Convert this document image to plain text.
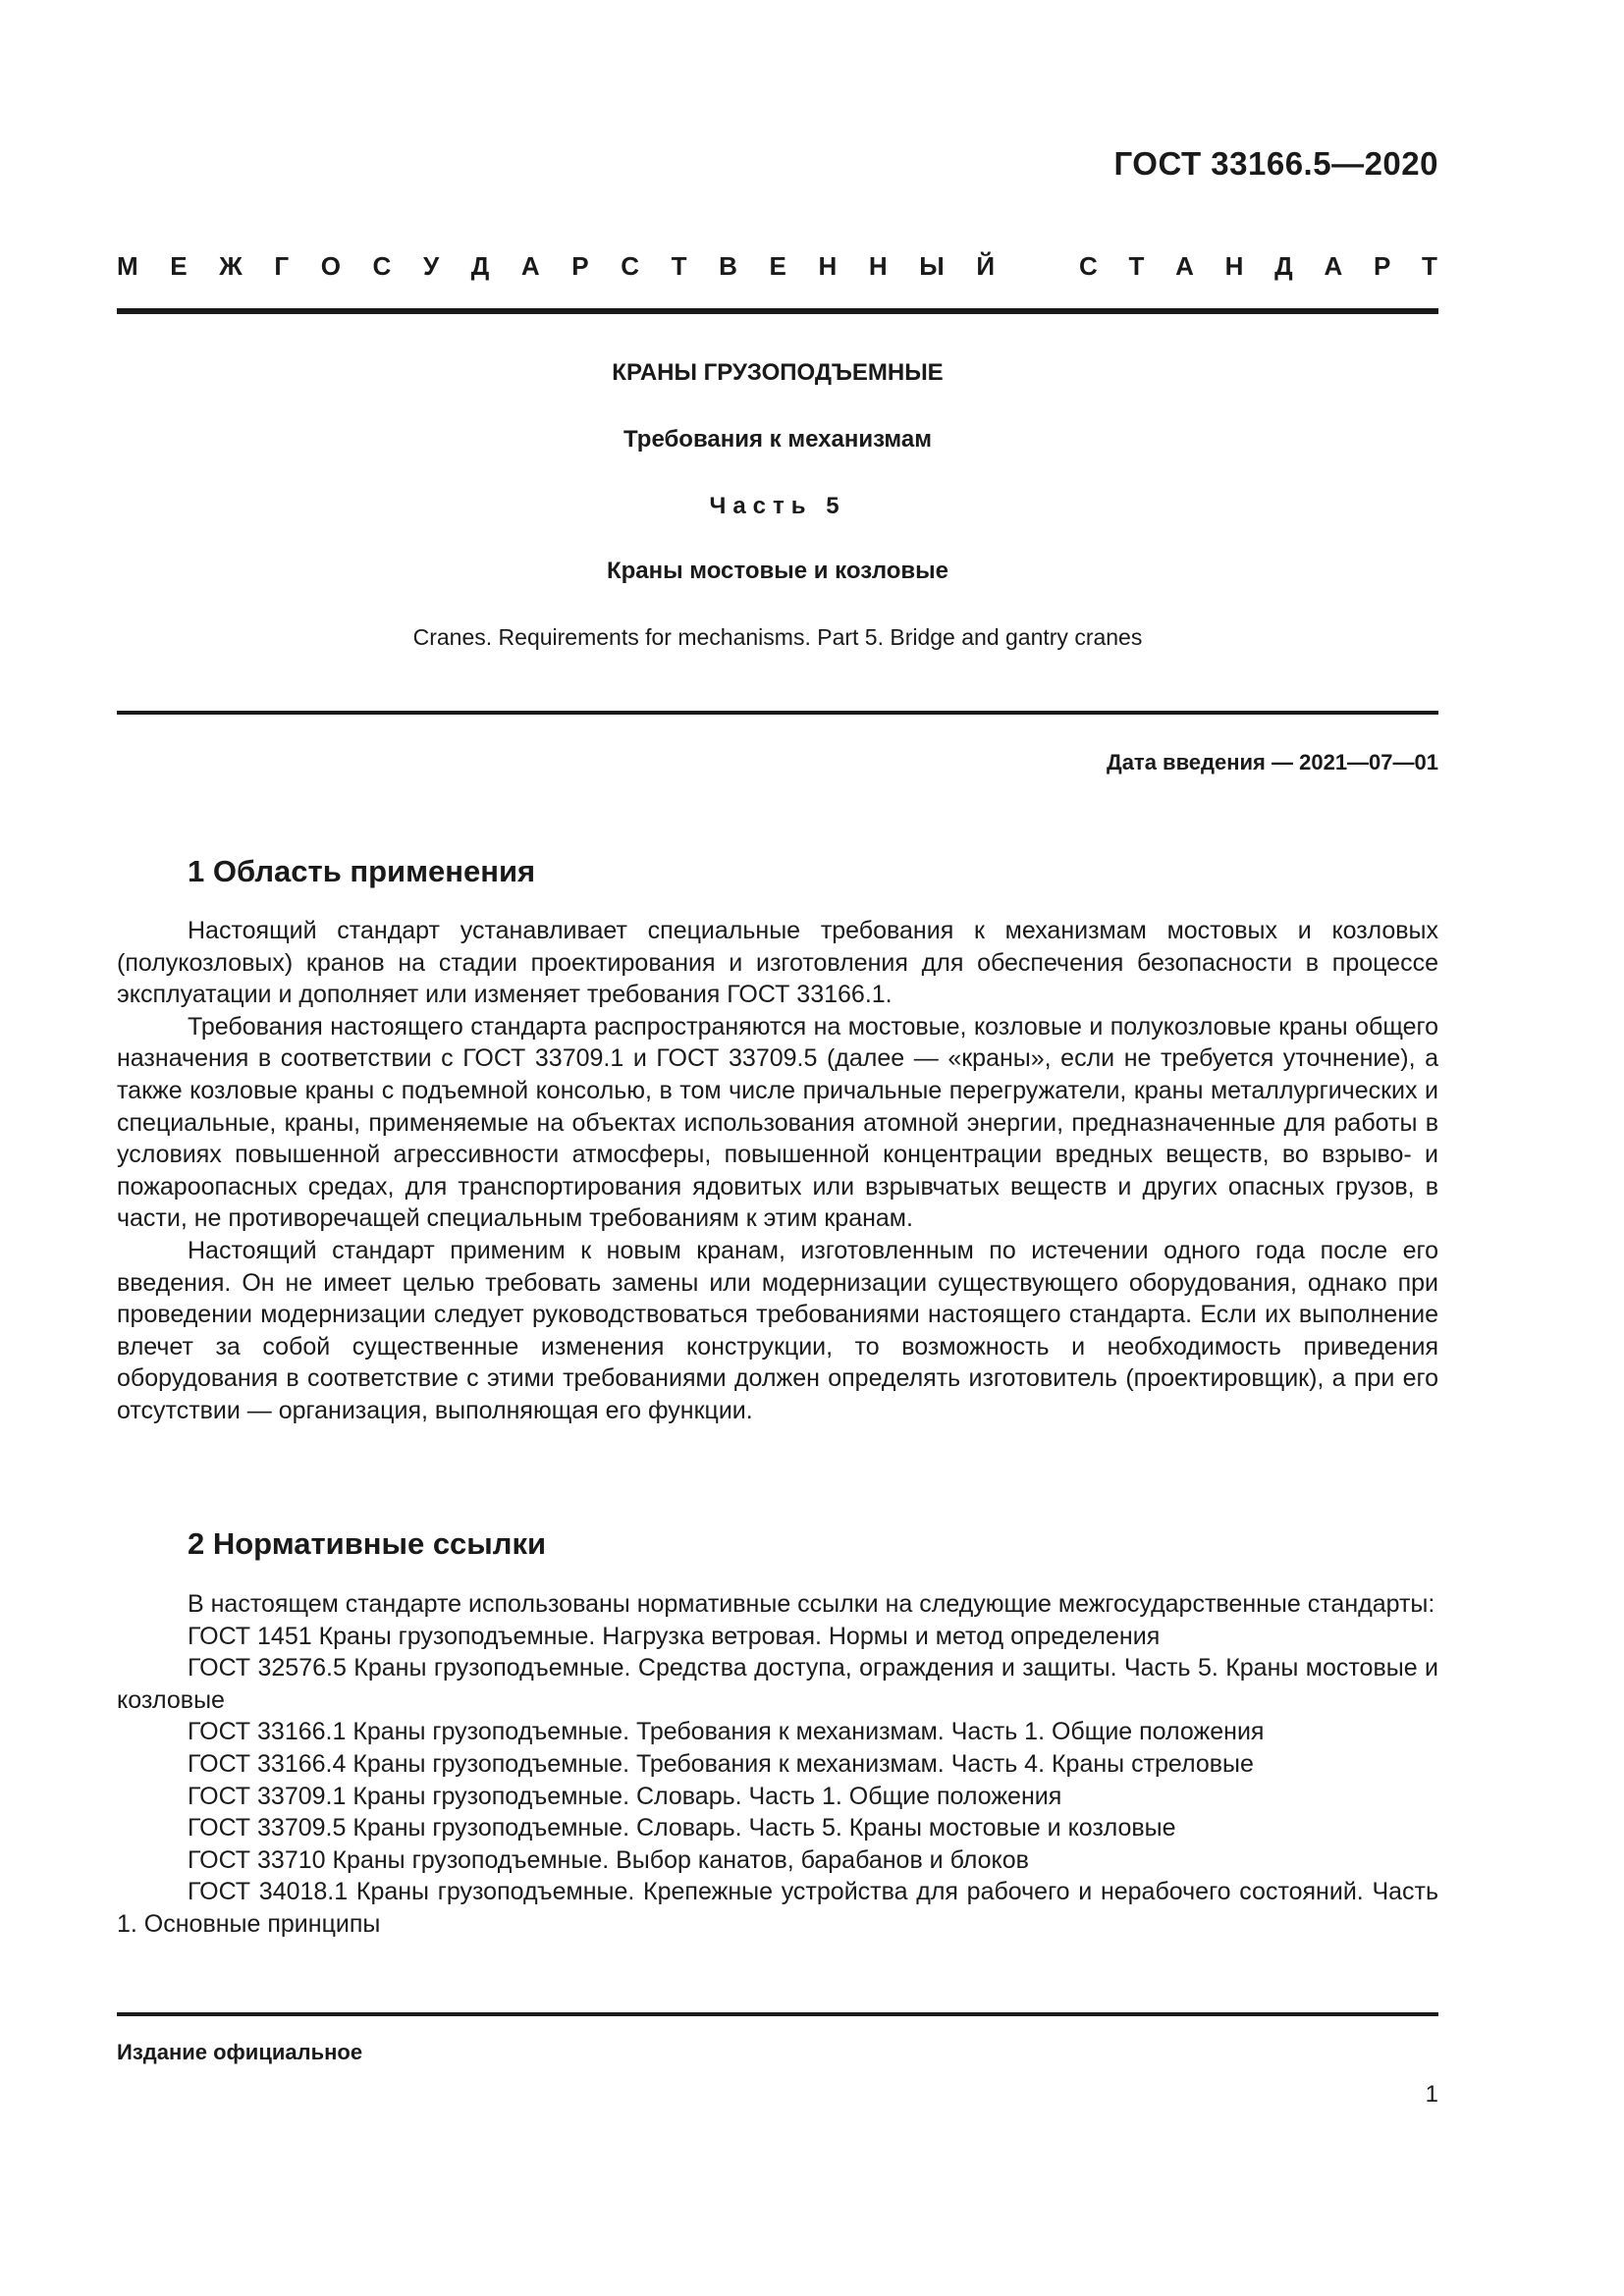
ГОСТ 33166.5—2020
М Е Ж Г О С У Д А Р С Т В Е Н Н Ы Й	С Т А Н Д А Р Т
КРАНЫ ГРУЗОПОДЪЕМНЫЕ
Требования к механизмам
Часть 5
Краны мостовые и козловые
Cranes. Requirements for mechanisms. Part 5. Bridge and gantry cranes
Дата введения — 2021—07—01
1 Область применения

Настоящий стандарт устанавливает специальные требования к механизмам мостовых и козловых (полукозловых) кранов на стадии проектирования и изготовления для обеспечения безопасности в процессе эксплуатации и дополняет или изменяет требования ГОСТ 33166.1.

Требования настоящего стандарта распространяются на мостовые, козловые и полукозловые краны общего назначения в соответствии с ГОСТ 33709.1 и ГОСТ 33709.5 (далее — «краны», если не требуется уточнение), а также козловые краны с подъемной консолью, в том числе причальные перегружатели, краны металлургических и специальные, краны, применяемые на объектах использования атомной энергии, предназначенные для работы в условиях повышенной агрессивности атмосферы, повышенной концентрации вредных веществ, во взрыво- и пожароопасных средах, для транспортирования ядовитых или взрывчатых веществ и других опасных грузов, в части, не противоречащей специальным требованиям к этим кранам.

Настоящий стандарт применим к новым кранам, изготовленным по истечении одного года после его введения. Он не имеет целью требовать замены или модернизации существующего оборудования, однако при проведении модернизации следует руководствоваться требованиями настоящего стандарта. Если их выполнение влечет за собой существенные изменения конструкции, то возможность и необходимость приведения оборудования в соответствие с этими требованиями должен определять изготовитель (проектировщик), а при его отсутствии — организация, выполняющая его функции.

2 Нормативные ссылки

В настоящем стандарте использованы нормативные ссылки на следующие межгосударственные стандарты:

ГОСТ 1451 Краны грузоподъемные. Нагрузка ветровая. Нормы и метод определения

ГОСТ 32576.5 Краны грузоподъемные. Средства доступа, ограждения и защиты. Часть 5. Краны мостовые и козловые

ГОСТ 33166.1 Краны грузоподъемные. Требования к механизмам. Часть 1. Общие положения

ГОСТ 33166.4 Краны грузоподъемные. Требования к механизмам. Часть 4. Краны стреловые

ГОСТ 33709.1 Краны грузоподъемные. Словарь. Часть 1. Общие положения

ГОСТ 33709.5 Краны грузоподъемные. Словарь. Часть 5. Краны мостовые и козловые

ГОСТ 33710 Краны грузоподъемные. Выбор канатов, барабанов и блоков

ГОСТ 34018.1 Краны грузоподъемные. Крепежные устройства для рабочего и нерабочего состояний. Часть 1. Основные принципы

Издание официальное
1
